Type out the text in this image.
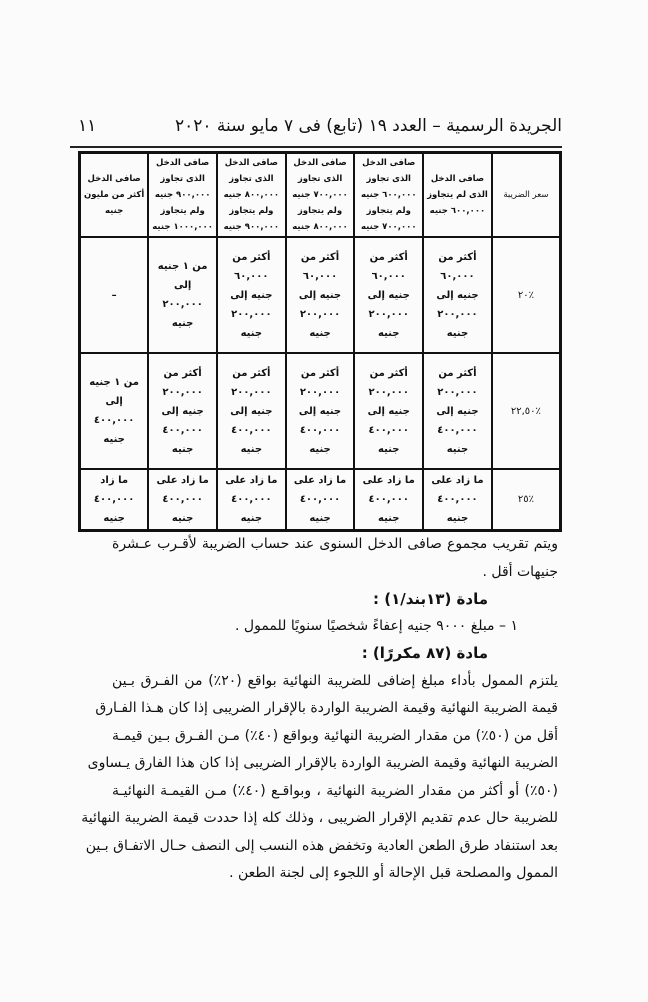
الجريدة الرسمية – العدد ١٩ (تابع) فى ٧ مايو سنة ٢٠٢٠
١١
سعر الضريبة	صافى الدخل
الذى لم يتجاوز
٦٠٠,٠٠٠ جنيه	صافى الدخل
الذى تجاوز
٦٠٠,٠٠٠ جنيه
ولم يتجاوز
٧٠٠,٠٠٠ جنيه	صافى الدخل
الذى تجاوز
٧٠٠,٠٠٠ جنيه
ولم يتجاوز
٨٠٠,٠٠٠ جنيه	صافى الدخل
الذى تجاوز
٨٠٠,٠٠٠ جنيه
ولم يتجاوز
٩٠٠,٠٠٠ جنيه	صافى الدخل
الذى تجاوز
٩٠٠,٠٠٠ جنيه
ولم يتجاوز
١٠٠٠,٠٠٠ جنيه	صافى الدخل
أكثر من مليون
جنيه
٪٢٠	أكثر من
٦٠,٠٠٠
جنيه إلى
٢٠٠,٠٠٠
جنيه	أكثر من
٦٠,٠٠٠
جنيه إلى
٢٠٠,٠٠٠
جنيه	أكثر من
٦٠,٠٠٠
جنيه إلى
٢٠٠,٠٠٠
جنيه	أكثر من
٦٠,٠٠٠
جنيه إلى
٢٠٠,٠٠٠
جنيه	من ١ جنيه
إلى
٢٠٠,٠٠٠
جنيه	–
٪٢٢,٥٠	أكثر من
٢٠٠,٠٠٠
جنيه إلى
٤٠٠,٠٠٠
جنيه	أكثر من
٢٠٠,٠٠٠
جنيه إلى
٤٠٠,٠٠٠
جنيه	أكثر من
٢٠٠,٠٠٠
جنيه إلى
٤٠٠,٠٠٠
جنيه	أكثر من
٢٠٠,٠٠٠
جنيه إلى
٤٠٠,٠٠٠
جنيه	أكثر من
٢٠٠,٠٠٠
جنيه إلى
٤٠٠,٠٠٠
جنيه	من ١ جنيه
إلى
٤٠٠,٠٠٠
جنيه
٪٢٥	ما زاد على
٤٠٠,٠٠٠
جنيه	ما زاد على
٤٠٠,٠٠٠
جنيه	ما زاد على
٤٠٠,٠٠٠
جنيه	ما زاد على
٤٠٠,٠٠٠
جنيه	ما زاد على
٤٠٠,٠٠٠
جنيه	ما زاد
٤٠٠,٠٠٠
جنيه
ويتم تقريب مجموع صافى الدخل السنوى عند حساب الضريبة لأقـرب عـشرة
جنيهات أقل .
مادة (١٣بند/١) :
١ – مبلغ ٩٠٠٠ جنيه إعفاءً شخصيًا سنويًا للممول .
مادة (٨٧ مكررًا) :
يلتزم الممول بأداء مبلغ إضافى للضريبة النهائية بواقع (٢٠٪) من الفـرق بـين
قيمة الضريبة النهائية وقيمة الضريبة الواردة بالإقرار الضريبى إذا كان هـذا الفـارق
أقل من (٥٠٪) من مقدار الضريبة النهائية وبواقع (٤٠٪) مـن الفـرق بـين قيمـة
الضريبة النهائية وقيمة الضريبة الواردة بالإقرار الضريبى إذا كان هذا الفارق يـساوى
(٥٠٪) أو أكثر من مقدار الضريبة النهائية ، وبواقـع (٤٠٪) مـن القيمـة النهائيـة
للضريبة حال عدم تقديم الإقرار الضريبى ، وذلك كله إذا حددت قيمة الضريبة النهائية
بعد استنفاد طرق الطعن العادية وتخفض هذه النسب إلى النصف حـال الاتفـاق بـين
الممول والمصلحة قبل الإحالة أو اللجوء إلى لجنة الطعن .
